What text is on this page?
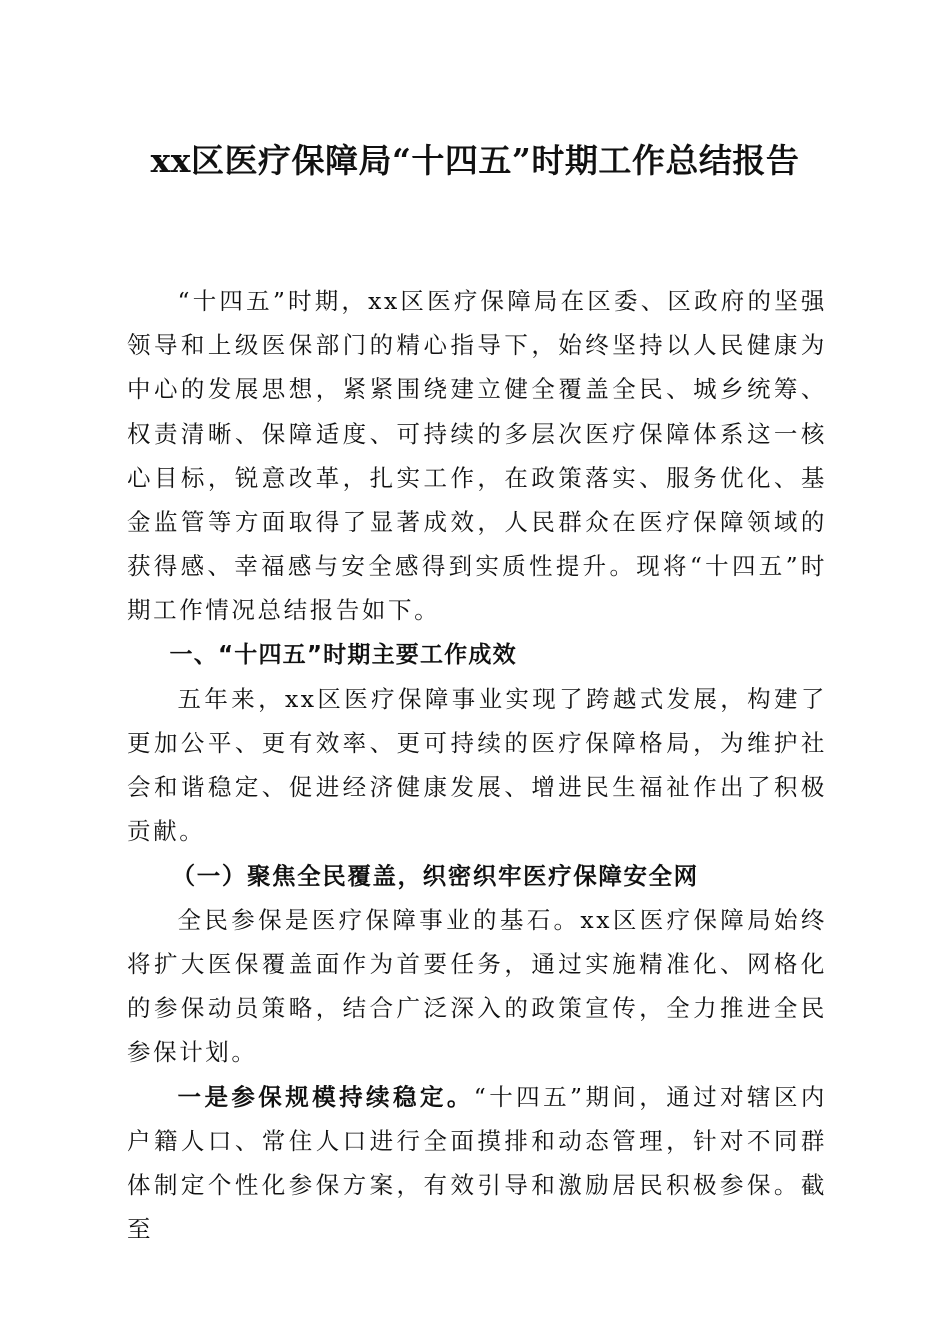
xx区医疗保障局“十四五”时期工作总结报告

“十四五”时期，xx区医疗保障局在区委、区政府的坚强领导和上级医保部门的精心指导下，始终坚持以人民健康为中心的发展思想，紧紧围绕建立健全覆盖全民、城乡统筹、权责清晰、保障适度、可持续的多层次医疗保障体系这一核心目标，锐意改革，扎实工作，在政策落实、服务优化、基金监管等方面取得了显著成效，人民群众在医疗保障领域的获得感、幸福感与安全感得到实质性提升。现将“十四五”时期工作情况总结报告如下。

一、“十四五”时期主要工作成效

五年来，xx区医疗保障事业实现了跨越式发展，构建了更加公平、更有效率、更可持续的医疗保障格局，为维护社会和谐稳定、促进经济健康发展、增进民生福祉作出了积极贡献。

（一）聚焦全民覆盖，织密织牢医疗保障安全网

全民参保是医疗保障事业的基石。xx区医疗保障局始终将扩大医保覆盖面作为首要任务，通过实施精准化、网格化的参保动员策略，结合广泛深入的政策宣传，全力推进全民参保计划。

一是参保规模持续稳定。“十四五”期间，通过对辖区内户籍人口、常住人口进行全面摸排和动态管理，针对不同群体制定个性化参保方案，有效引导和激励居民积极参保。截至
